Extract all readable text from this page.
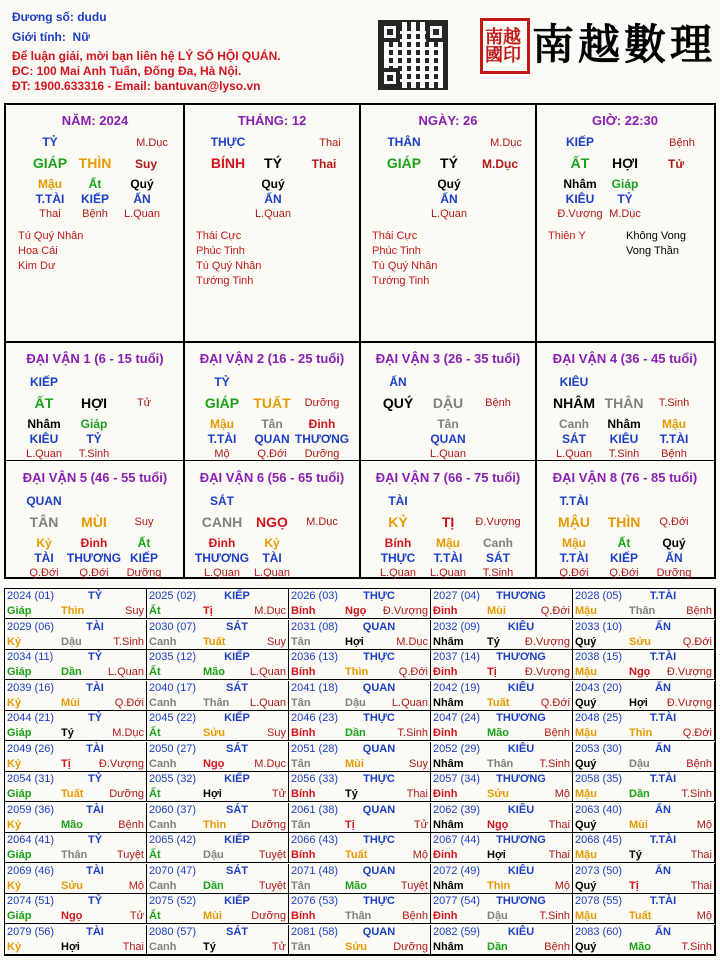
Đương số: dudu
Giới tính: Nữ
Để luận giải, mời bạn liên hệ LÝ SỐ HỘI QUÁN.
ĐC: 100 Mai Anh Tuấn, Đống Đa, Hà Nội.
ĐT: 1900.633316 - Email: bantuvan@lyso.vn
南越 國印 南越數理
NĂM: 2024
TỶ	M.Dục
GIÁP THÌN Suy
Mậu
T.TÀI
Thai
Ất
KIẾP
Bệnh
Quý
ẤN
L.Quan
Tú Quý Nhân
Hoa Cái
Kim Dư
THÁNG: 12
THỰC	Thai
BÍNH TÝ Thai
Quý
ẤN
L.Quan
Thái Cực
Phúc Tinh
Tú Quý Nhân
Tướng Tinh
NGÀY: 26
THÂN	M.Dục
GIÁP TÝ M.Dục
Quý
ẤN
L.Quan
Thái Cực
Phúc Tinh
Tú Quý Nhân
Tướng Tinh
GIỜ: 22:30
KIẾP	Bệnh
ẤT HỢI	Tử
Nhâm
KIÊU
Đ.Vượng
Giáp
TỶ
M.Dục
Thiên Y	Không Vong
Vong Thần
ĐẠI VẬN 1 (6 - 15 tuổi)
KIẾP
ẤT HỢI	Tử
Nhâm
KIÊU
L.Quan
Giáp
TỶ
T.Sinh
ĐẠI VẬN 2 (16 - 25 tuổi)
TỶ
GIÁP TUẤT Dưỡng
Mậu
T.TÀI
Mộ
Tân
QUAN
Q.Đới
Đinh
THƯƠNG
Dưỡng
ĐẠI VẬN 3 (26 - 35 tuổi)
ẤN
QUÝ DẬU Bệnh
Tân
QUAN
L.Quan
ĐẠI VẬN 4 (36 - 45 tuổi)
KIÊU
NHÂM THÂN T.Sinh
Canh
SÁT
L.Quan
Nhâm
KIÊU
T.Sinh
Mậu
T.TÀI
Bệnh
ĐẠI VẬN 5 (46 - 55 tuổi)
QUAN
TÂN MÙI	Suy
Kỷ
TÀI
Q.Đới
Đinh
THƯƠNG
Q.Đới
Ất
KIẾP
Dưỡng
ĐẠI VẬN 6 (56 - 65 tuổi)
SÁT
CANH NGỌ M.Dục
Đinh
THƯƠNG
L.Quan
Kỷ
TÀI
L.Quan
ĐẠI VẬN 7 (66 - 75 tuổi)
TÀI
KỶ TỊ Đ.Vượng
Bính
THỰC
L.Quan
Mậu
T.TÀI
L.Quan
Canh
SÁT
T.Sinh
ĐẠI VẬN 8 (76 - 85 tuổi)
T.TÀI
MẬU THÌN Q.Đới
Mậu
T.TÀI
Q.Đới
Ất
KIẾP
Q.Đới
Quý
ẤN
Dưỡng
2024 (01)	TỶ
Giáp	Thìn	Suy
2025 (02)	KIẾP
Ất	Tị	M.Dục
2026 (03) THỰC
Bính	Ngọ Đ.Vượng
2027 (04) THƯƠNG
Đinh	Mùi	Q.Đới
2028 (05)	T.TÀI
Mậu	Thân	Bệnh
2029 (06)	TÀI
Kỷ	Dậu	T.Sinh
2030 (07)	SÁT
Canh Tuất	Suy
2031 (08) QUAN
Tân	Hợi	M.Dục
2032 (09)	KIÊU
Nhâm Tý Đ.Vượng
2033 (10)	ẤN
Quý	Sửu	Q.Đới
2034 (11)	TỶ
Giáp	Dần L.Quan
2035 (12)	KIẾP
Ất	Mão L.Quan
2036 (13) THỰC
Bính	Thìn	Q.Đới
2037 (14) THƯƠNG
Đinh	Tị	Đ.Vượng
2038 (15)	T.TÀI
Mậu	Ngọ Đ.Vượng
2039 (16)	TÀI
Kỷ	Mùi	Q.Đới
2040 (17)	SÁT
Canh Thân L.Quan
2041 (18) QUAN
Tân	Dậu L.Quan
2042 (19)	KIÊU
Nhâm Tuất	Q.Đới
2043 (20)	ẤN
Quý	Hợi Đ.Vượng
2044 (21)	TỶ
Giáp	Tý	M.Dục
2045 (22)	KIẾP
Ất	Sửu	Suy
2046 (23) THỰC
Bính	Dần	T.Sinh
2047 (24) THƯƠNG
Đinh	Mão	Bệnh
2048 (25)	T.TÀI
Mậu	Thìn	Q.Đới
2049 (26)	TÀI
Kỷ	Tị	Đ.Vượng
2050 (27)	SÁT
Canh Ngọ	M.Dục
2051 (28) QUAN
Tân	Mùi	Suy
2052 (29)	KIÊU
Nhâm Thân T.Sinh
2053 (30)	ẤN
Quý	Dậu	Bệnh
2054 (31)	TỶ
Giáp	Tuất Dưỡng
2055 (32)	KIẾP
Ất	Hợi	Tử
2056 (33) THỰC
Bính	Tý	Thai
2057 (34) THƯƠNG
Đinh	Sửu	Mộ
2058 (35)	T.TÀI
Mậu	Dần	T.Sinh
2059 (36)	TÀI
Kỷ	Mão	Bệnh
2060 (37)	SÁT
Canh Thìn Dưỡng
2061 (38) QUAN
Tân	Tị	Tử
2062 (39)	KIÊU
Nhâm Ngọ	Thai
2063 (40)	ẤN
Quý	Mùi	Mộ
2064 (41)	TỶ
Giáp	Thân	Tuyệt
2065 (42)	KIẾP
Ất	Dậu	Tuyệt
2066 (43) THỰC
Bính	Tuất	Mộ
2067 (44) THƯƠNG
Đinh	Hợi	Thai
2068 (45)	T.TÀI
Mậu	Tý	Thai
2069 (46)	TÀI
Kỷ	Sửu	Mộ
2070 (47)	SÁT
Canh Dần	Tuyệt
2071 (48) QUAN
Tân	Mão	Tuyệt
2072 (49)	KIÊU
Nhâm Thìn	Mộ
2073 (50)	ẤN
Quý	Tị	Thai
2074 (51)	TỶ
Giáp	Ngọ	Tử
2075 (52)	KIẾP
Ất	Mùi	Dưỡng
2076 (53) THỰC
Bính	Thân	Bệnh
2077 (54) THƯƠNG
Đinh	Dậu	T.Sinh
2078 (55)	T.TÀI
Mậu	Tuất	Mộ
2079 (56)	TÀI
Kỷ	Hợi	Thai
2080 (57)	SÁT
Canh Tý	Tử
2081 (58) QUAN
Tân	Sửu Dưỡng
2082 (59)	KIÊU
Nhâm Dần	Bệnh
2083 (60)	ẤN
Quý	Mão	T.Sinh
